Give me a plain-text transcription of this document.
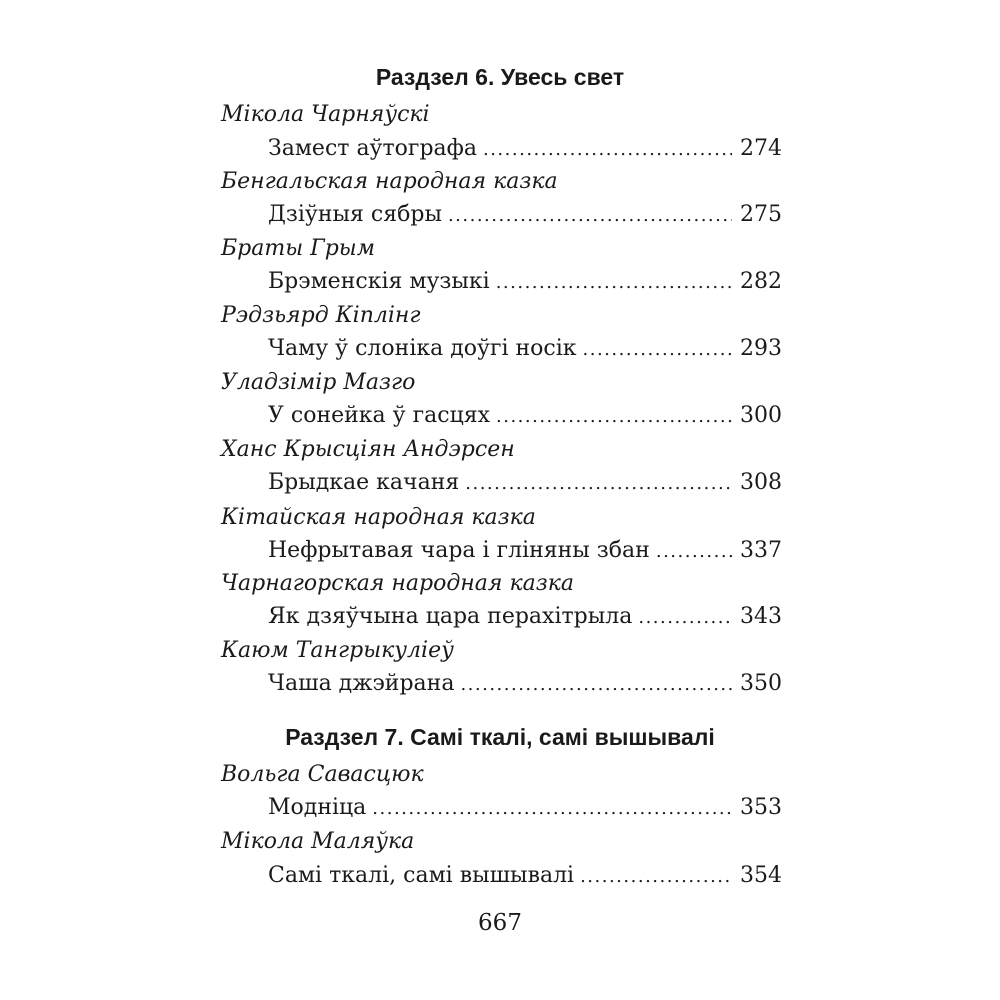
Раздзел 6. Увесь свет
Мікола Чарняўскі
Замест аўтографа .....	274
Бенгальская народная казка
Дзіўныя сябры .....	275
Браты Грым
Брэменскія музыкі .....	282
Рэдзьярд Кіплінг
Чаму ў слоніка доўгі носік .....	293
Уладзімір Мазго
У сонейка ў гасцях .....	300
Ханс Крысціян Андэрсен
Брыдкае качаня .....	308
Кітайская народная казка
Нефрытавая чара і гліняны збан .....	337
Чарнагорская народная казка
Як дзяўчына цара перахітрыла .....	343
Каюм Тангрыкуліеў
Чаша джэйрана .....	350
Раздзел 7. Самі ткалі, самі вышывалі
Вольга Савасцюк
Модніца .....	353
Мікола Маляўка
Самі ткалі, самі вышывалі .....	354
667
